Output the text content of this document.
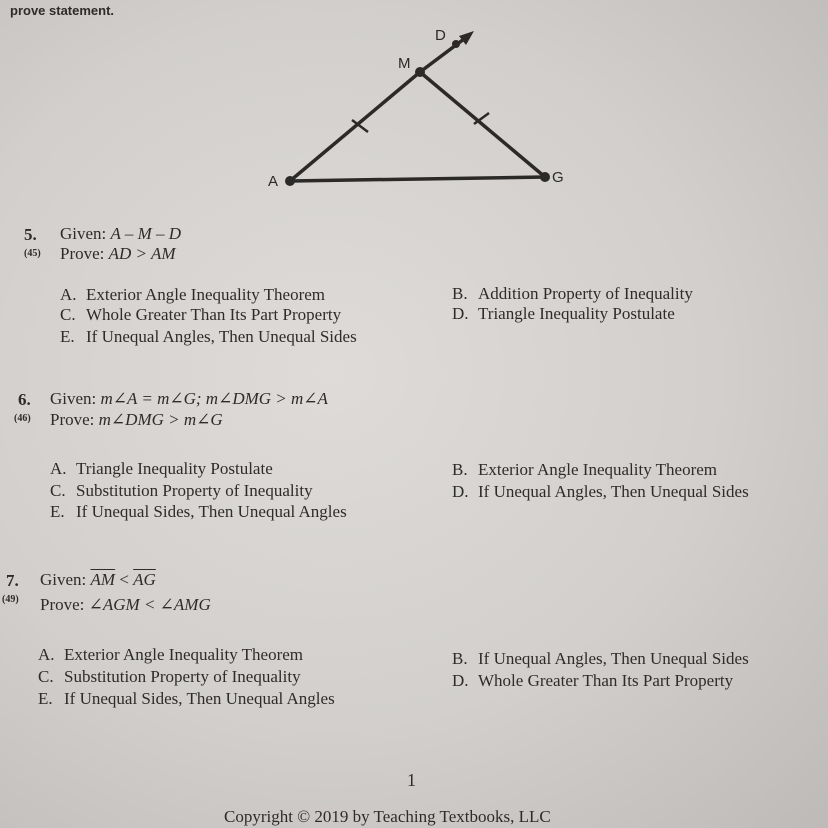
prove statement.
D
M
A	G
5. Given: A – M – D
(45) Prove: AD > AM
A. Exterior Angle Inequality Theorem	B. Addition Property of Inequality
C. Whole Greater Than Its Part Property	D. Triangle Inequality Postulate
E. If Unequal Angles, Then Unequal Sides
6. Given: m∠A = m∠G; m∠DMG > m∠A
(46) Prove: m∠DMG > m∠G
A. Triangle Inequality Postulate	B. Exterior Angle Inequality Theorem
C. Substitution Property of Inequality	D. If Unequal Angles, Then Unequal Sides
E. If Unequal Sides, Then Unequal Angles
7. Given: $\overline{AM} < \overline{AG}$
(49) Prove: ∠AGM < ∠AMG
A. Exterior Angle Inequality Theorem	B. If Unequal Angles, Then Unequal Sides
C. Substitution Property of Inequality	D. Whole Greater Than Its Part Property
E. If Unequal Sides, Then Unequal Angles
1
Copyright © 2019 by Teaching Textbooks, LLC
